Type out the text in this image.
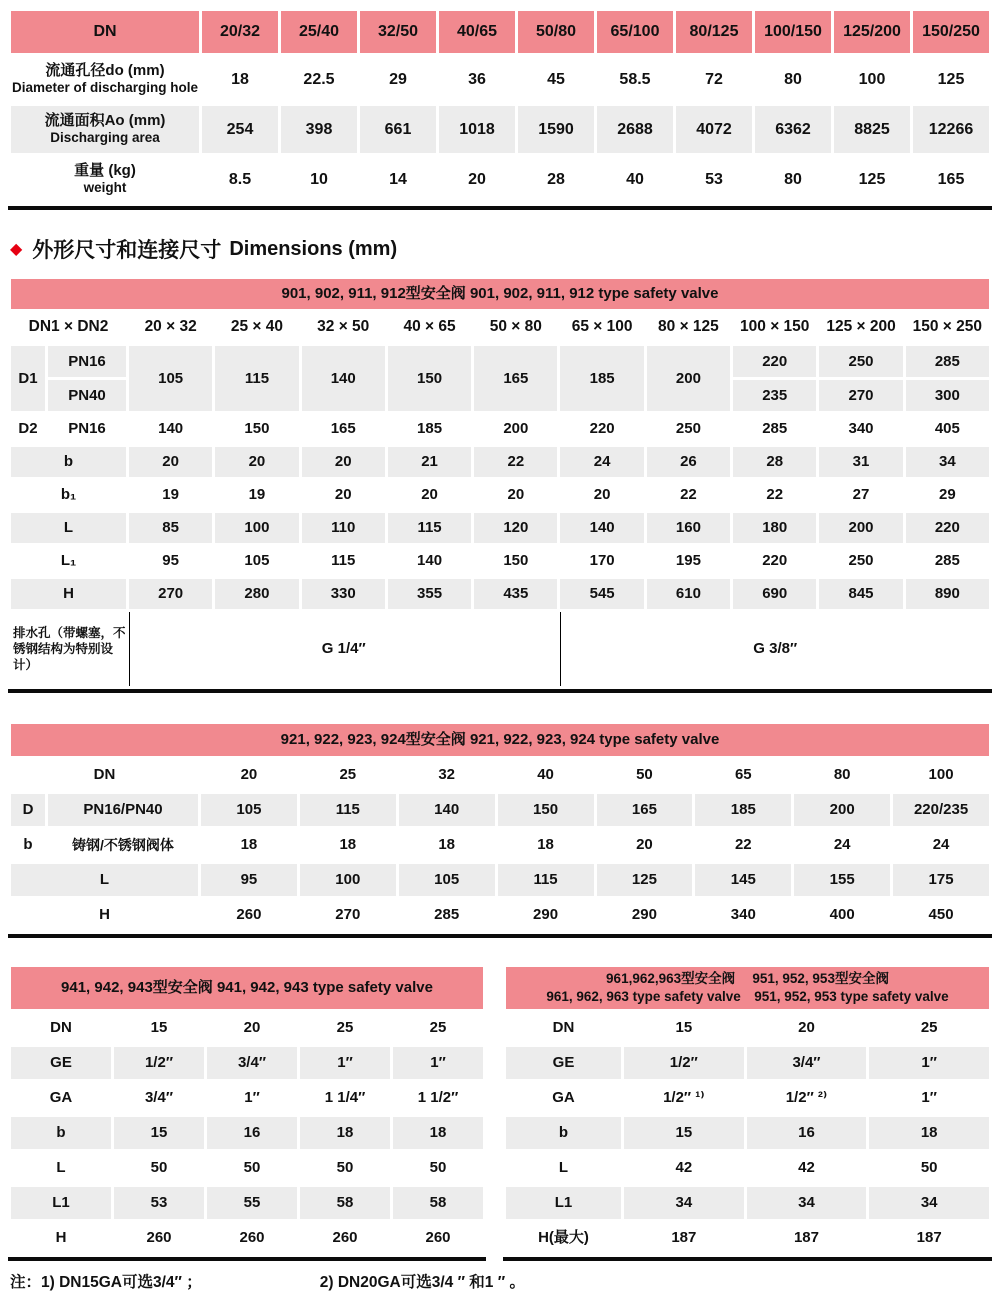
DN	20/32	25/40	32/50	40/65	50/80	65/100	80/125	100/150	125/200	150/250

流通孔径do (mm)
Diameter of discharging hole	18	22.5	29	36	45	58.5	72	80	100	125

流通面积Ao (mm)
Discharging area	254	398	661	1018	1590	2688	4072	6362	8825	12266

重量 (kg)
weight	8.5	10	14	20	28	40	53	80	125	165
◆ 外形尺寸和连接尺寸 Dimensions (mm)
901, 902, 911, 912型安全阀 901, 902, 911, 912 type safety valve											
DN1 × DN2		20 × 32	25 × 40	32 × 50	40 × 65	50 × 80	65 × 100	80 × 125	100 × 150	125 × 200	150 × 250
D1	PN16	105	115	140	150	165	185	200	220	250	285
	PN40								235	270	300
D2	PN16	140	150	165	185	200	220	250	285	340	405
b		20	20	20	21	22	24	26	28	31	34
b₁		19	19	20	20	20	20	22	22	27	29
L		85	100	110	115	120	140	160	180	200	220
L₁		95	105	115	140	150	170	195	220	250	285
H		270	280	330	355	435	545	610	690	845	890
排水孔（带螺塞，不锈钢结构为特别设计）		G 1/4″					G 3/8″				
921, 922, 923, 924型安全阀 921, 922, 923, 924 type safety valve									
DN		20	25	32	40	50	65	80	100
D	PN16/PN40	105	115	140	150	165	185	200	220/235
b	铸钢/不锈钢阀体	18	18	18	18	20	22	24	24
L		95	100	105	115	125	145	155	175
H		260	270	285	290	290	340	400	450
941, 942, 943型安全阀 941, 942, 943 type safety valve				
DN	15	20	25	25
GE	1/2″	3/4″	1″	1″
GA	3/4″	1″	1 1/4″	1 1/2″
b	15	16	18	18
L	50	50	50	50
L1	53	55	58	58
H	260	260	260	260
961,962,963型安全阀　 951, 952, 953型安全阀
961, 962, 963 type safety valve　951, 952, 953 type safety valve			

DN	15	20	25
GE	1/2″	3/4″	1″
GA	1/2″ ¹⁾	1/2″ ²⁾	1″
b	15	16	18
L	42	42	50
L1	34	34	34
H(最大)	187	187	187
注：1) DN15GA可选3/4″ ；	2) DN20GA可选3/4 ″ 和1 ″ 。
